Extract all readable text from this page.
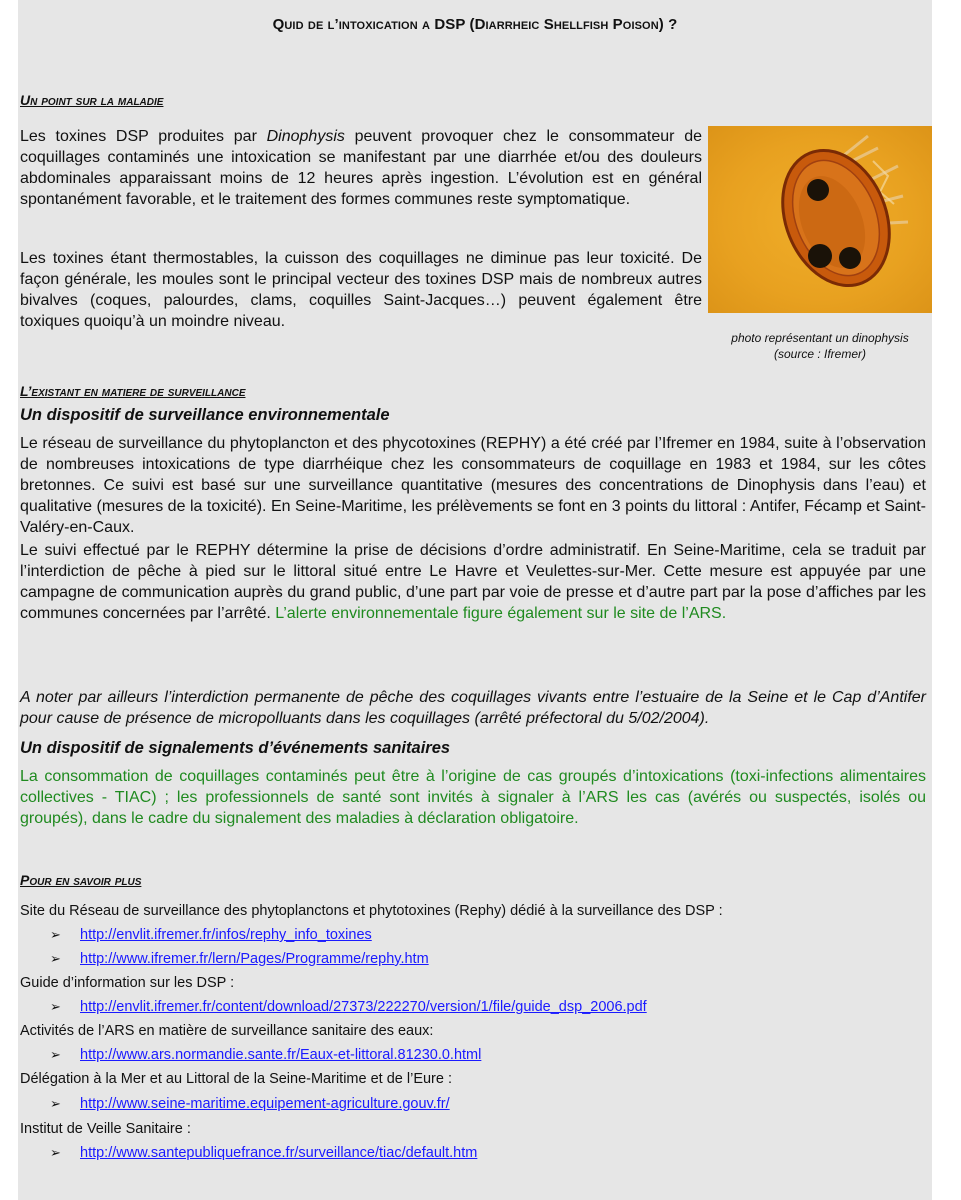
Quid de l’intoxication a DSP (Diarrheic Shellfish Poison) ?
Un point sur la maladie
Les toxines DSP produites par Dinophysis peuvent provoquer chez le consommateur de coquillages contaminés une intoxication se manifestant par une diarrhée et/ou des douleurs abdominales apparaissant moins de 12 heures après ingestion. L’évolution est en général spontanément favorable, et le traitement des formes communes reste symptomatique.
Les toxines étant thermostables, la cuisson des coquillages ne diminue pas leur toxicité. De façon générale, les moules sont le principal vecteur des toxines DSP mais de nombreux autres bivalves (coques, palourdes, clams, coquilles Saint-Jacques…) peuvent également être toxiques quoiqu’à un moindre niveau.
photo représentant un dinophysis
(source : Ifremer)
L’existant en matiere de surveillance
Un dispositif de surveillance environnementale
Le réseau de surveillance du phytoplancton et des phycotoxines (REPHY) a été créé par l’Ifremer en 1984, suite à l’observation de nombreuses intoxications de type diarrhéique chez les consommateurs de coquillage en 1983 et 1984, sur les côtes bretonnes. Ce suivi est basé sur une surveillance quantitative (mesures des concentrations de Dinophysis dans l’eau) et qualitative (mesures de la toxicité). En Seine-Maritime, les prélèvements se font en 3 points du littoral : Antifer, Fécamp et Saint-Valéry-en-Caux.
Le suivi effectué par le REPHY détermine la prise de décisions d’ordre administratif. En Seine-Maritime, cela se traduit par l’interdiction de pêche à pied sur le littoral situé entre Le Havre et Veulettes-sur-Mer. Cette mesure est appuyée par une campagne de communication auprès du grand public, d’une part par voie de presse et d’autre part par la pose d’affiches par les communes concernées par l’arrêté. L’alerte environnementale figure également sur le site de l’ARS.
A noter par ailleurs l’interdiction permanente de pêche des coquillages vivants entre l’estuaire de la Seine et le Cap d’Antifer pour cause de présence de micropolluants dans les coquillages (arrêté préfectoral du 5/02/2004).
Un dispositif de signalements d’événements sanitaires
La consommation de coquillages contaminés peut être à l’origine de cas groupés d’intoxications (toxi-infections alimentaires collectives - TIAC) ; les professionnels de santé sont invités à signaler à l’ARS les cas (avérés ou suspectés, isolés ou groupés), dans le cadre du signalement des maladies à déclaration obligatoire.
Pour en savoir plus
Site du Réseau de surveillance des phytoplanctons et phytotoxines (Rephy) dédié à la surveillance des DSP :
➢ http://envlit.ifremer.fr/infos/rephy_info_toxines
➢ http://www.ifremer.fr/lern/Pages/Programme/rephy.htm
Guide d’information sur les DSP :
➢ http://envlit.ifremer.fr/content/download/27373/222270/version/1/file/guide_dsp_2006.pdf
Activités de l’ARS en matière de surveillance sanitaire des eaux:
➢ http://www.ars.normandie.sante.fr/Eaux-et-littoral.81230.0.html
Délégation à la Mer et au Littoral de la Seine-Maritime et de l’Eure :
➢ http://www.seine-maritime.equipement-agriculture.gouv.fr/
Institut de Veille Sanitaire :
➢ http://www.santepubliquefrance.fr/surveillance/tiac/default.htm
